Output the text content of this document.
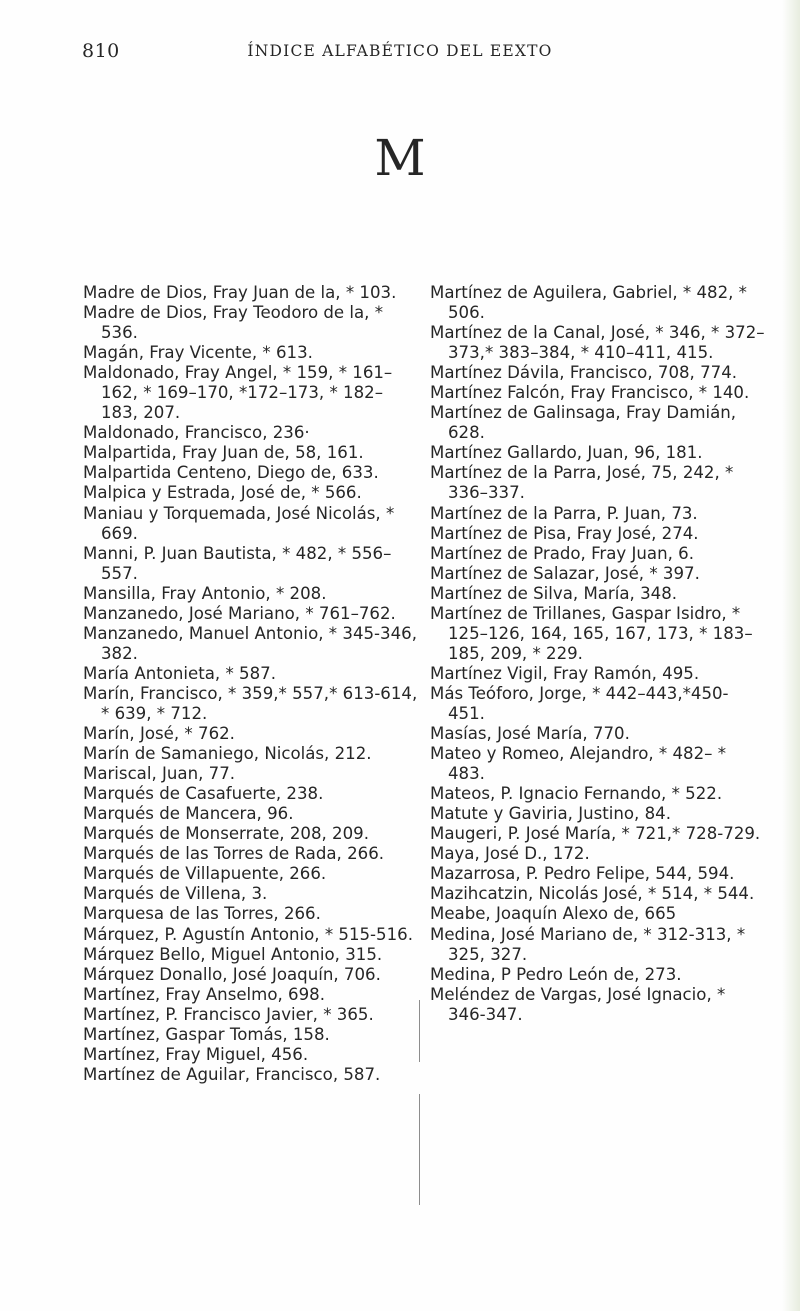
810	ÍNDICE ALFABÉTICO DEL EEXTO
M

Madre de Dios, Fray Juan de la, * 103.

Madre de Dios, Fray Teodoro de la, * 536.

Magán, Fray Vicente, * 613.

Maldonado, Fray Angel, * 159, * 161–162, * 169–170, *172–173, * 182–183, 207.

Maldonado, Francisco, 236·

Malpartida, Fray Juan de, 58, 161.

Malpartida Centeno, Diego de, 633.

Malpica y Estrada, José de, * 566.

Maniau y Torquemada, José Nicolás, * 669.

Manni, P. Juan Bautista, * 482, * 556–557.

Mansilla, Fray Antonio, * 208.

Manzanedo, José Mariano, * 761–762.

Manzanedo, Manuel Antonio, * 345-346, 382.

María Antonieta, * 587.

Marín, Francisco, * 359,* 557,* 613-614, * 639, * 712.

Marín, José, * 762.

Marín de Samaniego, Nicolás, 212.

Mariscal, Juan, 77.

Marqués de Casafuerte, 238.

Marqués de Mancera, 96.

Marqués de Monserrate, 208, 209.

Marqués de las Torres de Rada, 266.

Marqués de Villapuente, 266.

Marqués de Villena, 3.

Marquesa de las Torres, 266.

Márquez, P. Agustín Antonio, * 515-516.

Márquez Bello, Miguel Antonio, 315.

Márquez Donallo, José Joaquín, 706.

Martínez, Fray Anselmo, 698.

Martínez, P. Francisco Javier, * 365.

Martínez, Gaspar Tomás, 158.

Martínez, Fray Miguel, 456.

Martínez de Aguilar, Francisco, 587.

Martínez de Aguilera, Gabriel, * 482, * 506.

Martínez de la Canal, José, * 346, * 372–373,* 383–384, * 410–411, 415.

Martínez Dávila, Francisco, 708, 774.

Martínez Falcón, Fray Francisco, * 140.

Martínez de Galinsaga, Fray Damián, 628.

Martínez Gallardo, Juan, 96, 181.

Martínez de la Parra, José, 75, 242, * 336–337.

Martínez de la Parra, P. Juan, 73.

Martínez de Pisa, Fray José, 274.

Martínez de Prado, Fray Juan, 6.

Martínez de Salazar, José, * 397.

Martínez de Silva, María, 348.

Martínez de Trillanes, Gaspar Isidro, * 125–126, 164, 165, 167, 173, * 183–185, 209, * 229.

Martínez Vigil, Fray Ramón, 495.

Más Teóforo, Jorge, * 442–443,*450-451.

Masías, José María, 770.

Mateo y Romeo, Alejandro, * 482– * 483.

Mateos, P. Ignacio Fernando, * 522.

Matute y Gaviria, Justino, 84.

Maugeri, P. José María, * 721,* 728-729.

Maya, José D., 172.

Mazarrosa, P. Pedro Felipe, 544, 594.

Mazihcatzin, Nicolás José, * 514, * 544.

Meabe, Joaquín Alexo de, 665

Medina, José Mariano de, * 312-313, * 325, 327.

Medina, P Pedro León de, 273.

Meléndez de Vargas, José Ignacio, * 346-347.
